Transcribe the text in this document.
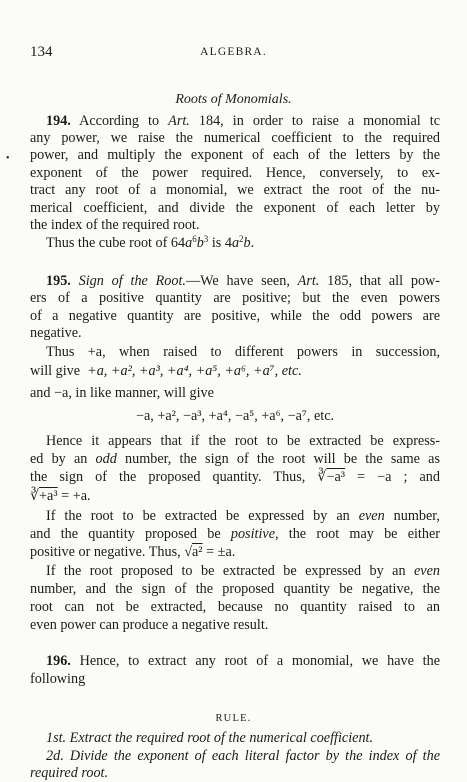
134	ALGEBRA.
•
Roots of Monomials.
194. According to Art. 184, in order to raise a monomial tc
any power, we raise the numerical coefficient to the required
power, and multiply the exponent of each of the letters by the
exponent of the power required. Hence, conversely, to ex-
tract any root of a monomial, we extract the root of the nu-
merical coefficient, and divide the exponent of each letter by
the index of the required root.
Thus the cube root of $64a^6b^3$ is $4a^2b$.
195. Sign of the Root.—We have seen, Art. 185, that all pow-
ers of a positive quantity are positive; but the even powers
of a negative quantity are positive, while the odd powers are
negative.
Thus +a, when raised to different powers in succession,
will give +a, +a², +a³, +a⁴, +a⁵, +a⁶, +a⁷, etc.
and −a, in like manner, will give
−a, +a², −a³, +a⁴, −a⁵, +a⁶, −a⁷, etc.
Hence it appears that if the root to be extracted be express-
ed by an odd number, the sign of the root will be the same as
the sign of the proposed quantity. Thus, ∛−a³ = −a ; and
∛+a³ = +a.
If the root to be extracted be expressed by an even number,
and the quantity proposed be positive, the root may be either
positive or negative. Thus, √a² = ±a.
If the root proposed to be extracted be expressed by an even
number, and the sign of the proposed quantity be negative, the
root can not be extracted, because no quantity raised to an
even power can produce a negative result.
196. Hence, to extract any root of a monomial, we have the
following
RULE.
1st. Extract the required root of the numerical coefficient.
2d. Divide the exponent of each literal factor by the index of the
required root.
